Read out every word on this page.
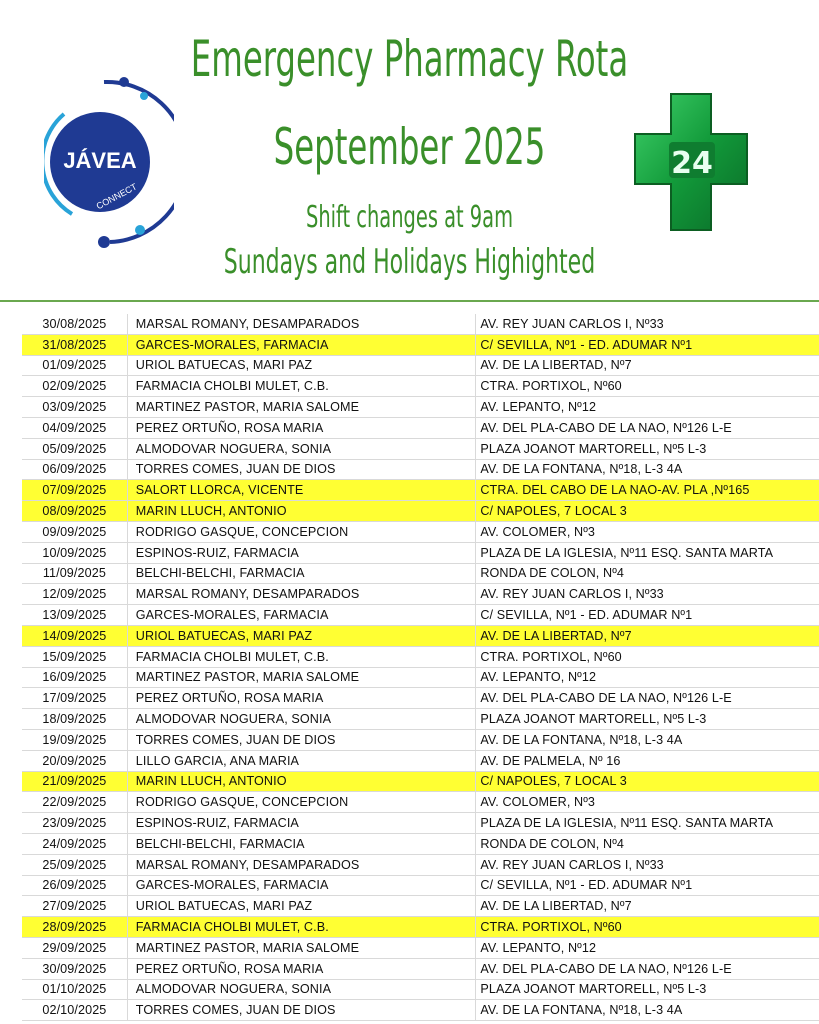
Emergency Pharmacy Rota
September 2025
Shift changes at 9am
Sundays and Holidays Highighted
JÁVEA
CONNECT
24
30/08/2025	MARSAL ROMANY, DESAMPARADOS	AV. REY JUAN CARLOS I, Nº33
31/08/2025	GARCES-MORALES, FARMACIA	C/ SEVILLA, Nº1 - ED. ADUMAR Nº1
01/09/2025	URIOL BATUECAS, MARI PAZ	AV. DE LA LIBERTAD, Nº7
02/09/2025	FARMACIA CHOLBI MULET, C.B.	CTRA. PORTIXOL, Nº60
03/09/2025	MARTINEZ PASTOR, MARIA SALOME	AV. LEPANTO, Nº12
04/09/2025	PEREZ ORTUÑO, ROSA MARIA	AV. DEL PLA-CABO DE LA NAO, Nº126 L-E
05/09/2025	ALMODOVAR NOGUERA, SONIA	PLAZA JOANOT MARTORELL, Nº5 L-3
06/09/2025	TORRES COMES, JUAN DE DIOS	AV. DE LA FONTANA, Nº18, L-3 4A
07/09/2025	SALORT LLORCA, VICENTE	CTRA. DEL CABO DE LA NAO-AV. PLA ,Nº165
08/09/2025	MARIN LLUCH, ANTONIO	C/ NAPOLES, 7 LOCAL 3
09/09/2025	RODRIGO GASQUE, CONCEPCION	AV. COLOMER, Nº3
10/09/2025	ESPINOS-RUIZ, FARMACIA	PLAZA DE LA IGLESIA, Nº11 ESQ. SANTA MARTA
11/09/2025	BELCHI-BELCHI, FARMACIA	RONDA DE COLON, Nº4
12/09/2025	MARSAL ROMANY, DESAMPARADOS	AV. REY JUAN CARLOS I, Nº33
13/09/2025	GARCES-MORALES, FARMACIA	C/ SEVILLA, Nº1 - ED. ADUMAR Nº1
14/09/2025	URIOL BATUECAS, MARI PAZ	AV. DE LA LIBERTAD, Nº7
15/09/2025	FARMACIA CHOLBI MULET, C.B.	CTRA. PORTIXOL, Nº60
16/09/2025	MARTINEZ PASTOR, MARIA SALOME	AV. LEPANTO, Nº12
17/09/2025	PEREZ ORTUÑO, ROSA MARIA	AV. DEL PLA-CABO DE LA NAO, Nº126 L-E
18/09/2025	ALMODOVAR NOGUERA, SONIA	PLAZA JOANOT MARTORELL, Nº5 L-3
19/09/2025	TORRES COMES, JUAN DE DIOS	AV. DE LA FONTANA, Nº18, L-3 4A
20/09/2025	LILLO GARCIA, ANA MARIA	AV. DE PALMELA, Nº 16
21/09/2025	MARIN LLUCH, ANTONIO	C/ NAPOLES, 7 LOCAL 3
22/09/2025	RODRIGO GASQUE, CONCEPCION	AV. COLOMER, Nº3
23/09/2025	ESPINOS-RUIZ, FARMACIA	PLAZA DE LA IGLESIA, Nº11 ESQ. SANTA MARTA
24/09/2025	BELCHI-BELCHI, FARMACIA	RONDA DE COLON, Nº4
25/09/2025	MARSAL ROMANY, DESAMPARADOS	AV. REY JUAN CARLOS I, Nº33
26/09/2025	GARCES-MORALES, FARMACIA	C/ SEVILLA, Nº1 - ED. ADUMAR Nº1
27/09/2025	URIOL BATUECAS, MARI PAZ	AV. DE LA LIBERTAD, Nº7
28/09/2025	FARMACIA CHOLBI MULET, C.B.	CTRA. PORTIXOL, Nº60
29/09/2025	MARTINEZ PASTOR, MARIA SALOME	AV. LEPANTO, Nº12
30/09/2025	PEREZ ORTUÑO, ROSA MARIA	AV. DEL PLA-CABO DE LA NAO, Nº126 L-E
01/10/2025	ALMODOVAR NOGUERA, SONIA	PLAZA JOANOT MARTORELL, Nº5 L-3
02/10/2025	TORRES COMES, JUAN DE DIOS	AV. DE LA FONTANA, Nº18, L-3 4A
